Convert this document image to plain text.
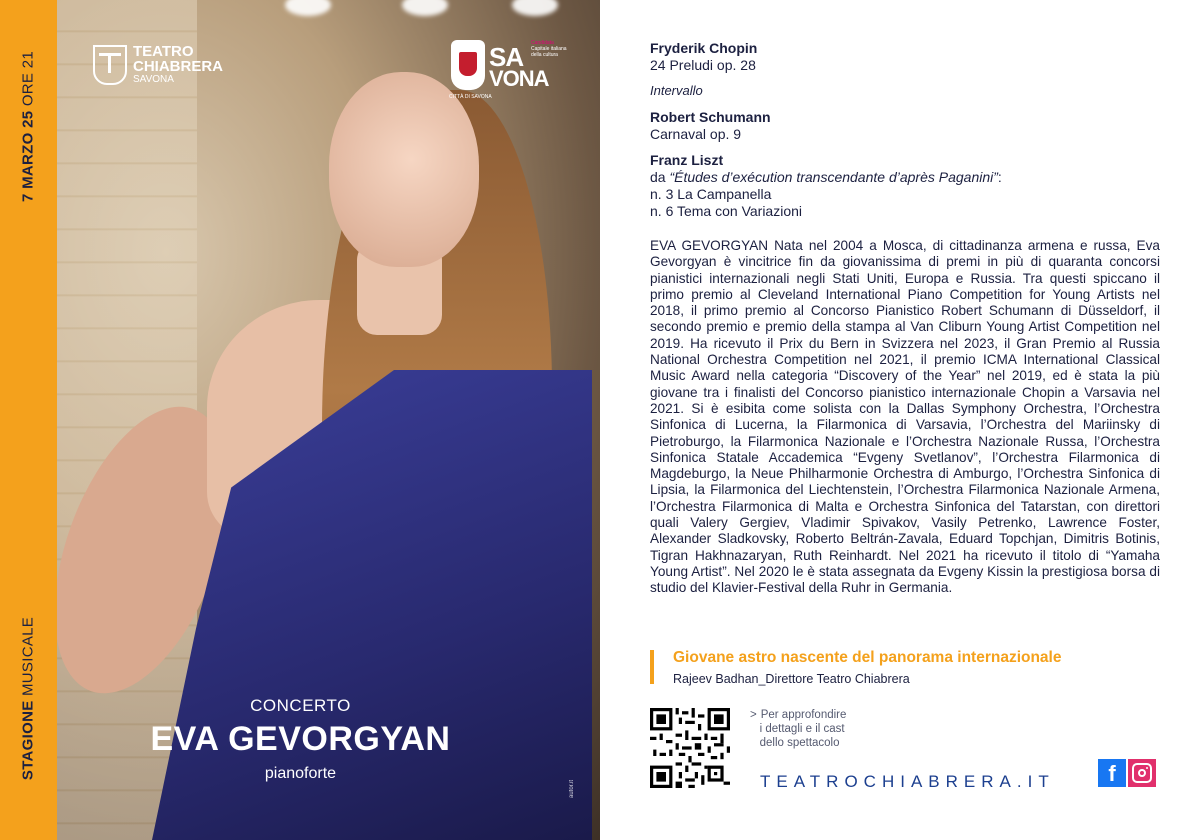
7 MARZO 25 ORE 21
STAGIONE MUSICALE
TEATRO
CHIABRERA
SAVONA
CITTÀ DI SAVONA
SA
VONA
Candidata
Capitale italiana della cultura
CONCERTO
EVA GEVORGYAN
pianoforte
autor.it
Fryderik Chopin
24 Preludi op. 28
Intervallo
Robert Schumann
Carnaval op. 9
Franz Liszt
da “Études d’exécution transcendante d’après Paganini”:
n. 3 La Campanella
n. 6 Tema con Variazioni
EVA GEVORGYAN Nata nel 2004 a Mosca, di cittadinanza armena e russa, Eva Gevorgyan è vincitrice fin da giovanissima di premi in più di quaranta concorsi pianistici internazionali negli Stati Uniti, Europa e Russia. Tra questi spiccano il primo premio al Cleveland International Piano Competition for Young Artists nel 2018, il primo premio al Concorso Pianistico Robert Schumann di Düsseldorf, il secondo premio e premio della stampa al Van Cliburn Young Artist Competition nel 2019. Ha ricevuto il Prix du Bern in Svizzera nel 2023, il Gran Premio al Russia National Orchestra Competition nel 2021, il premio ICMA International Classical Music Award nella categoria “Discovery of the Year” nel 2019, ed è stata la più giovane tra i finalisti del Concorso pianistico internazionale Chopin a Varsavia nel 2021. Si è esibita come solista con la Dallas Symphony Orchestra, l’Orchestra Sinfonica di Lucerna, la Filarmonica di Varsavia, l’Orchestra del Mariinsky di Pietroburgo, la Filarmonica Nazionale e l’Orchestra Nazionale Russa, l’Orchestra Sinfonica Statale Accademica “Evgeny Svetlanov”, l’Orchestra Filarmonica di Magdeburgo, la Neue Philharmonie Orchestra di Amburgo, l’Orchestra Sinfonica di Lipsia, la Filarmonica del Liechtenstein, l’Orchestra Filarmonica Nazionale Armena, l’Orchestra Filarmonica di Malta e Orchestra Sinfonica del Tatarstan, con direttori quali Valery Gergiev, Vladimir Spivakov, Vasily Petrenko, Lawrence Foster, Alexander Sladkovsky, Roberto Beltrán-Zavala, Eduard Topchjan, Dimitris Botinis, Tigran Hakhnazaryan, Ruth Reinhardt. Nel 2021 ha ricevuto il titolo di “Yamaha Young Artist”. Nel 2020 le è stata assegnata da Evgeny Kissin la prestigiosa borsa di studio del Klavier-Festival della Ruhr in Germania.
Giovane astro nascente del panorama internazionale
Rajeev Badhan_Direttore Teatro Chiabrera
> Per approfondire
i dettagli e il cast
dello spettacolo
TEATROCHIABRERA.IT	f
